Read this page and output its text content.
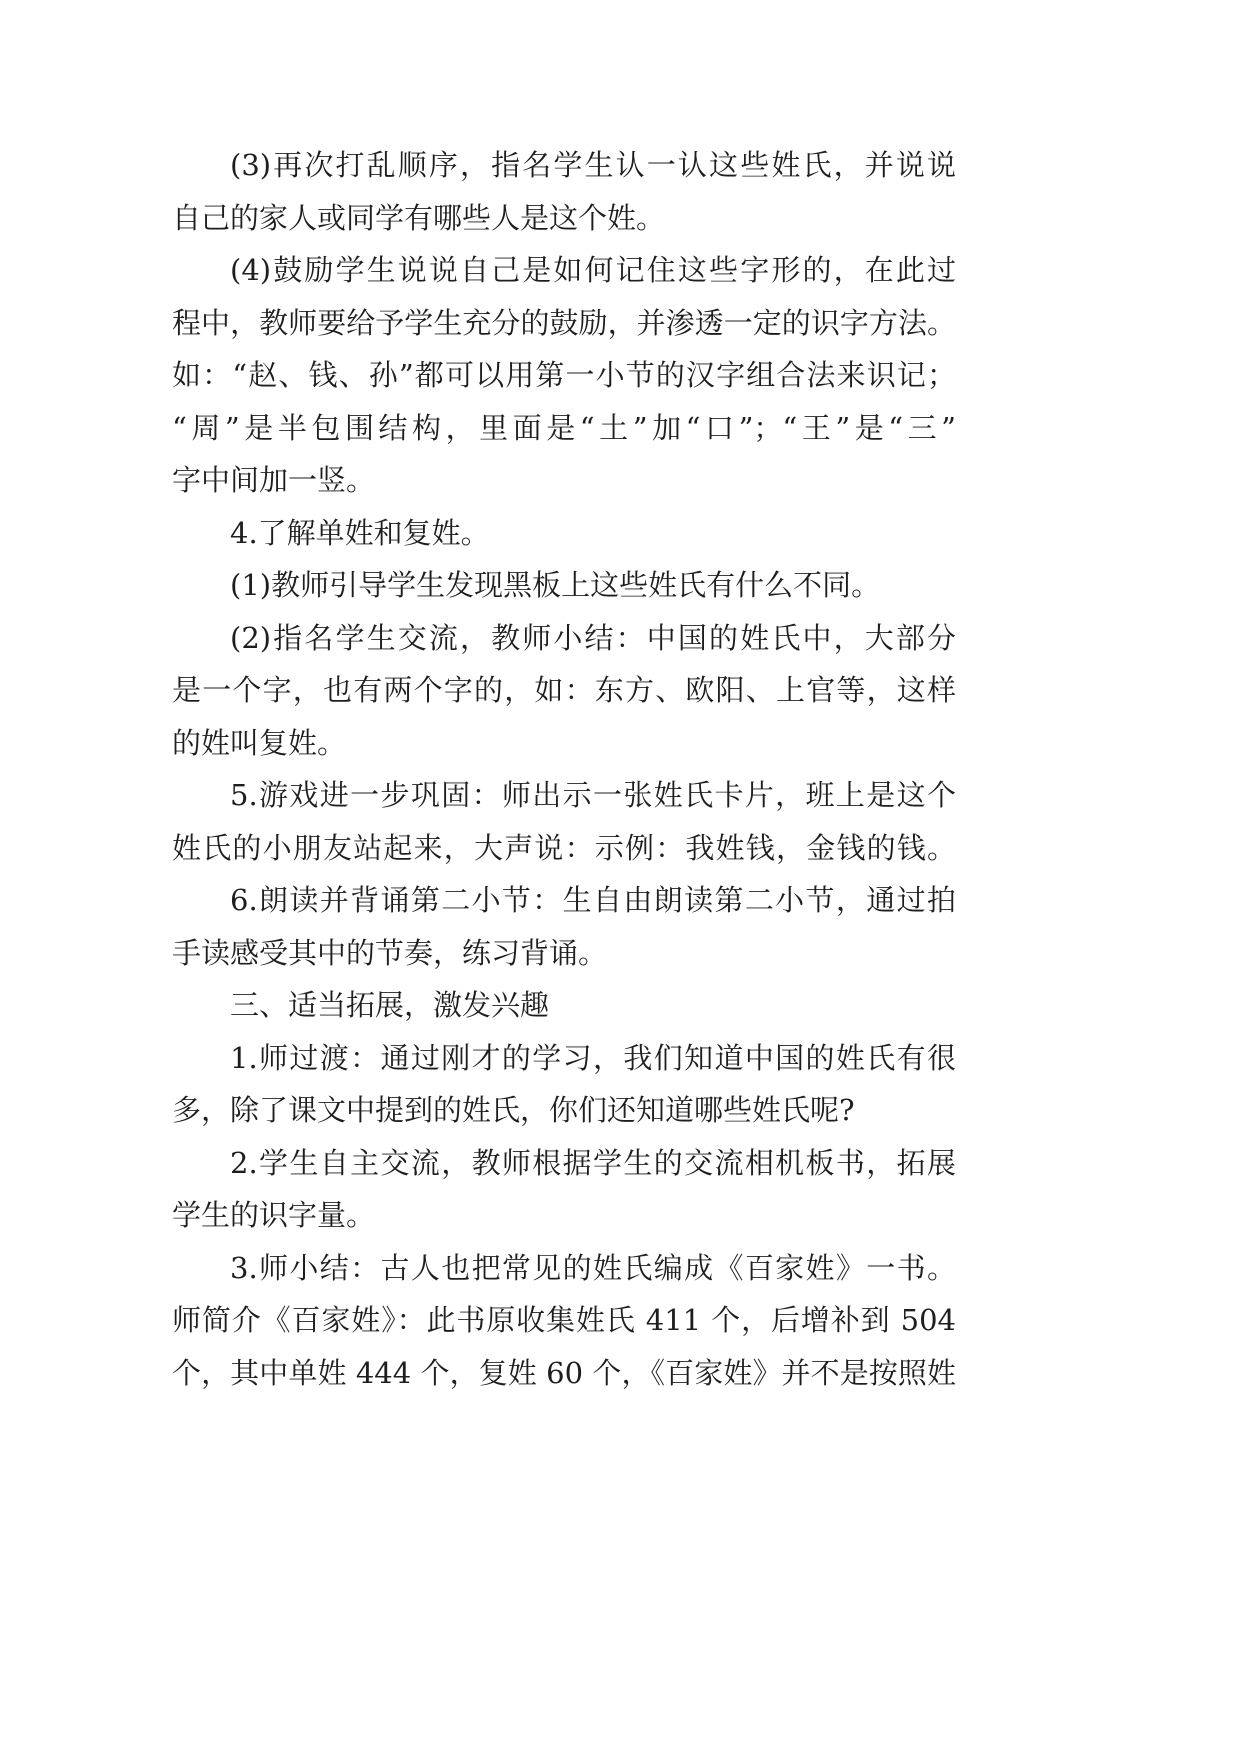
(3)再次打乱顺序，指名学生认一认这些姓氏，并说说
自己的家人或同学有哪些人是这个姓。
(4)鼓励学生说说自己是如何记住这些字形的，在此过
程中，教师要给予学生充分的鼓励，并渗透一定的识字方法。
如：“赵、钱、孙”都可以用第一小节的汉字组合法来识记；
“周”是半包围结构，里面是“土”加“口”；“王”是“三”
字中间加一竖。
4.了解单姓和复姓。
(1)教师引导学生发现黑板上这些姓氏有什么不同。
(2)指名学生交流，教师小结：中国的姓氏中，大部分
是一个字，也有两个字的，如：东方、欧阳、上官等，这样
的姓叫复姓。
5.游戏进一步巩固：师出示一张姓氏卡片，班上是这个
姓氏的小朋友站起来，大声说：示例：我姓钱，金钱的钱。
6.朗读并背诵第二小节：生自由朗读第二小节，通过拍
手读感受其中的节奏，练习背诵。
三、适当拓展，激发兴趣
1.师过渡：通过刚才的学习，我们知道中国的姓氏有很
多，除了课文中提到的姓氏，你们还知道哪些姓氏呢?
2.学生自主交流，教师根据学生的交流相机板书，拓展
学生的识字量。
3.师小结：古人也把常见的姓氏编成《百家姓》一书。
师简介《百家姓》：此书原收集姓氏 411 个，后增补到 504
个，其中单姓 444 个，复姓 60 个，《百家姓》并不是按照姓
